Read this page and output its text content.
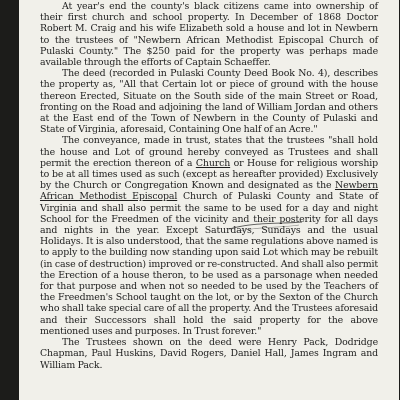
At year's end the county's black citizens came into ownership of their first church and school property. In December of 1868 Doctor Robert M. Craig and his wife Elizabeth sold a house and lot in Newbern to the trustees of "Newbern African Methodist Episcopal Church of Pulaski County." The $250 paid for the property was perhaps made available through the efforts of Captain Schaeffer.

The deed (recorded in Pulaski County Deed Book No. 4), describes the property as, "All that Certain lot or piece of ground with the house thereon Erected, Situate on the South side of the main Street or Road, fronting on the Road and adjoining the land of William Jordan and others at the East end of the Town of Newbern in the County of Pulaski and State of Virginia, aforesaid, Containing One half of an Acre."

The conveyance, made in trust, states that the trustees "shall hold the house and Lot of ground hereby conveyed as Trustees and shall permit the erection thereon of a Church or House for religious worship to be at all times used as such (except as hereafter provided) Exclusively by the Church or Congregation Known and designated as the Newbern African Methodist Episcopal Church of Pulaski County and State of Virginia and shall also permit the same to be used for a day and night School for the Freedmen of the vicinity and their posterity for all days and nights in the year. Except Saturdays, Sundays and the usual Holidays. It is also understood, that the same regulations above named is to apply to the building now standing upon said Lot which may be rebuilt (in case of destruction) improved or re-constructed. And shall also permit the Erection of a house theron, to be used as a parsonage when needed for that purpose and when not so needed to be used by the Teachers of the Freedmen's School taught on the lot, or by the Sexton of the Church who shall take special care of all the property. And the Trustees aforesaid and their Successors shall hold the said property for the above mentioned uses and purposes. In Trust forever."

The Trustees shown on the deed were Henry Pack, Dodridge Chapman, Paul Huskins, David Rogers, Daniel Hall, James Ingram and William Pack.
